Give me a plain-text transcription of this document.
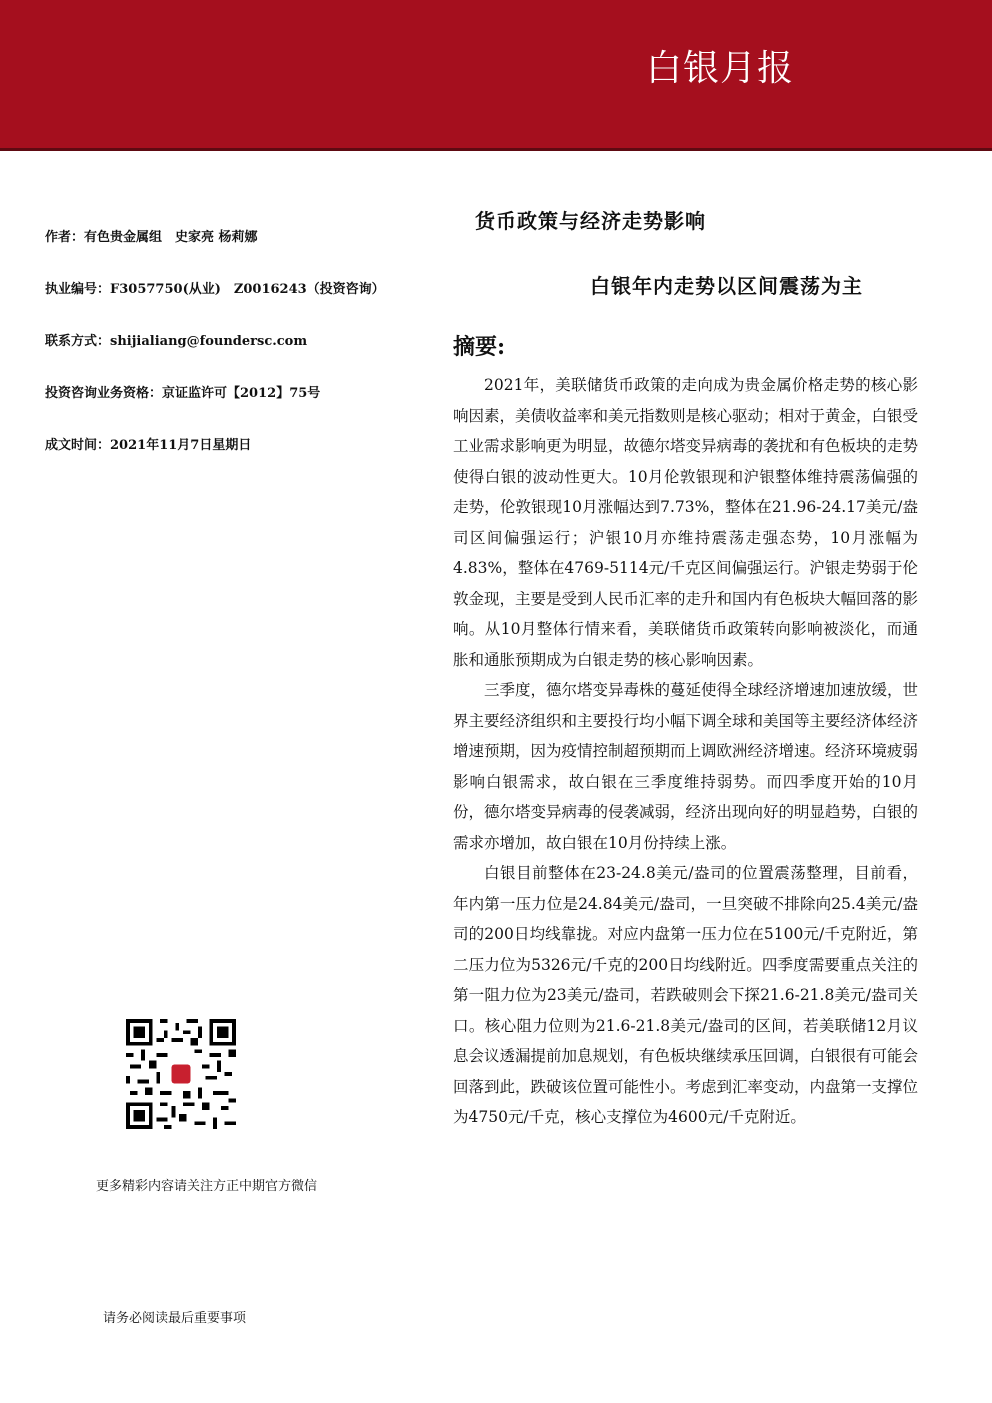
白银月报
作者：有色贵金属组　史家亮 杨莉娜
执业编号：F3057750(从业)　Z0016243（投资咨询）
联系方式：shijialiang@foundersc.com
投资咨询业务资格：京证监许可【2012】75号
成文时间：2021年11月7日星期日
货币政策与经济走势影响
白银年内走势以区间震荡为主
摘要:

2021年，美联储货币政策的走向成为贵金属价格走势的核心影响因素，美债收益率和美元指数则是核心驱动；相对于黄金，白银受工业需求影响更为明显，故德尔塔变异病毒的袭扰和有色板块的走势使得白银的波动性更大。10月伦敦银现和沪银整体维持震荡偏强的走势，伦敦银现10月涨幅达到7.73%，整体在21.96-24.17美元/盎司区间偏强运行；沪银10月亦维持震荡走强态势，10月涨幅为4.83%，整体在4769-5114元/千克区间偏强运行。沪银走势弱于伦敦金现，主要是受到人民币汇率的走升和国内有色板块大幅回落的影响。从10月整体行情来看，美联储货币政策转向影响被淡化，而通胀和通胀预期成为白银走势的核心影响因素。

三季度，德尔塔变异毒株的蔓延使得全球经济增速加速放缓，世界主要经济组织和主要投行均小幅下调全球和美国等主要经济体经济增速预期，因为疫情控制超预期而上调欧洲经济增速。经济环境疲弱影响白银需求，故白银在三季度维持弱势。而四季度开始的10月份，德尔塔变异病毒的侵袭减弱，经济出现向好的明显趋势，白银的需求亦增加，故白银在10月份持续上涨。

白银目前整体在23-24.8美元/盎司的位置震荡整理，目前看，年内第一压力位是24.84美元/盎司，一旦突破不排除向25.4美元/盎司的200日均线靠拢。对应内盘第一压力位在5100元/千克附近，第二压力位为5326元/千克的200日均线附近。四季度需要重点关注的第一阻力位为23美元/盎司，若跌破则会下探21.6-21.8美元/盎司关口。核心阻力位则为21.6-21.8美元/盎司的区间，若美联储12月议息会议透漏提前加息规划，有色板块继续承压回调，白银很有可能会回落到此，跌破该位置可能性小。考虑到汇率变动，内盘第一支撑位为4750元/千克，核心支撑位为4600元/千克附近。

更多精彩内容请关注方正中期官方微信
请务必阅读最后重要事项
